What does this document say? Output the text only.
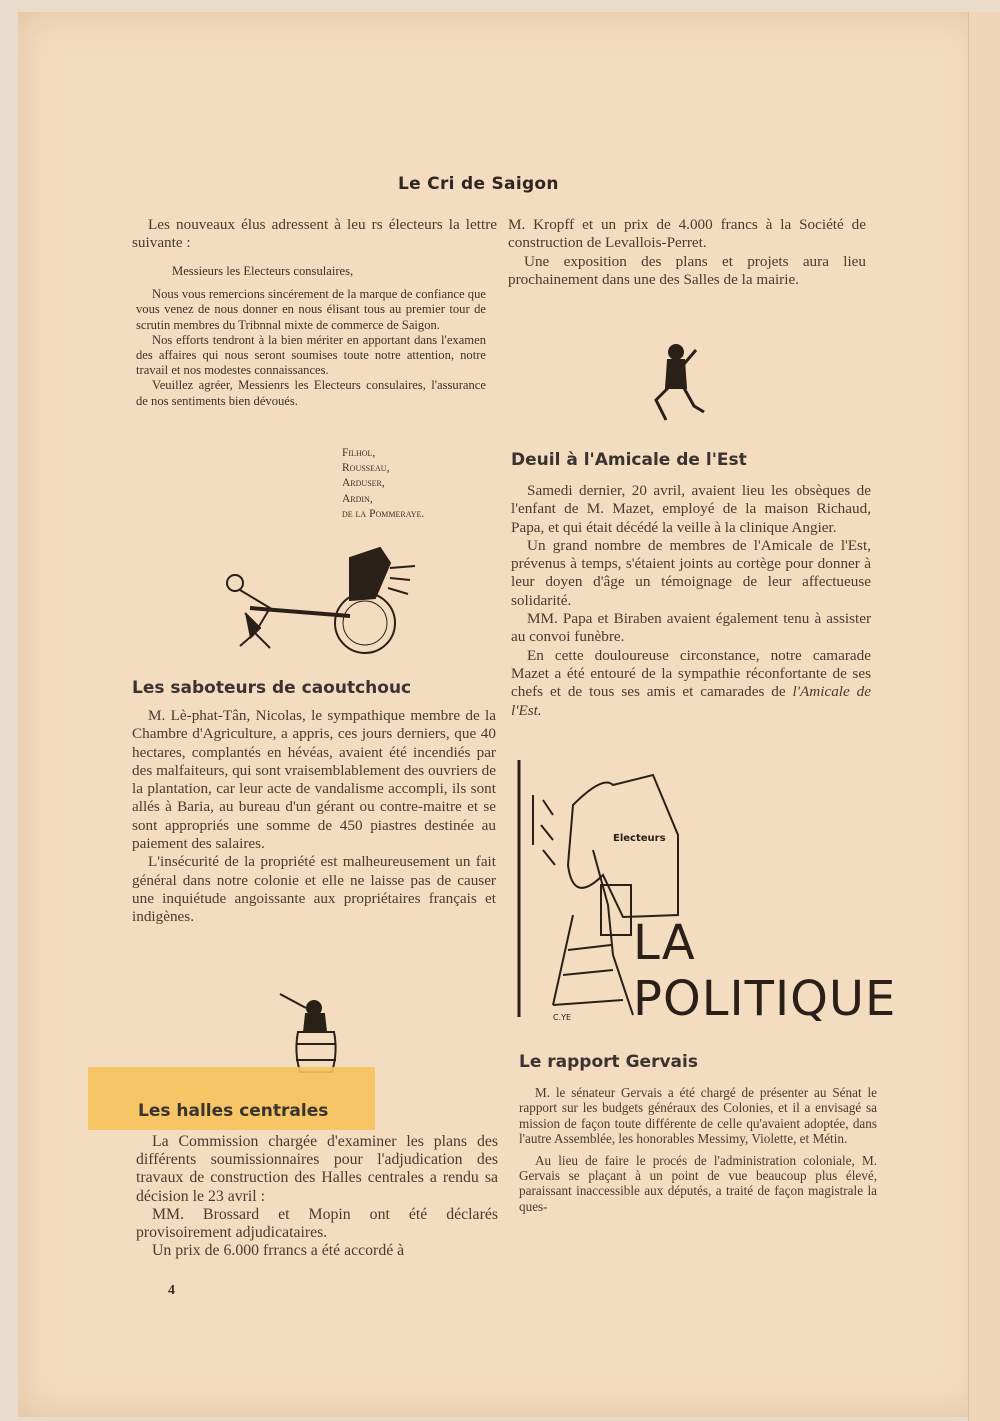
Le Cri de Saigon

Les nouveaux élus adressent à leu rs électeurs la lettre suivante :

Messieurs les Electeurs consulaires,

Nous vous remercions sincérement de la marque de confiance que vous venez de nous donner en nous élisant tous au premier tour de scrutin membres du Tribnnal mixte de commerce de Saigon.

Nos efforts tendront à la bien mériter en apportant dans l'examen des affaires qui nous seront soumises toute notre attention, notre travail et nos modestes connaissances.

Veuillez agréer, Messienrs les Electeurs consulaires, l'assurance de nos sentiments bien dévoués.

Filhol,
Rousseau,
Arduser,
Ardin,
de la Pommeraye.
Les saboteurs de caoutchouc

M. Lè-phat-Tân, Nicolas, le sympathique membre de la Chambre d'Agriculture, a appris, ces jours derniers, que 40 hectares, complantés en hévéas, avaient été incendiés par des malfaiteurs, qui sont vraisemblablement des ouvriers de la plantation, car leur acte de vandalisme accompli, ils sont allés à Baria, au bureau d'un gérant ou contre-maitre et se sont appropriés une somme de 450 piastres destinée au paiement des salaires.

L'insécurité de la propriété est malheureusement un fait général dans notre colonie et elle ne laisse pas de causer une inquiétude angoissante aux propriétaires français et indigènes.

Les halles centrales

La Commission chargée d'examiner les plans des différents soumissionnaires pour l'adjudication des travaux de construction des Halles centrales a rendu sa décision le 23 avril :

MM. Brossard et Mopin ont été déclarés provisoirement adjudicataires.

Un prix de 6.000 frrancs a été accordé à

4

M. Kropff et un prix de 4.000 francs à la Société de construction de Levallois-Perret.

Une exposition des plans et projets aura lieu prochainement dans une des Salles de la mairie.

Deuil à l'Amicale de l'Est

Samedi dernier, 20 avril, avaient lieu les obsèques de l'enfant de M. Mazet, employé de la maison Richaud, Papa, et qui était décédé la veille à la clinique Angier.

Un grand nombre de membres de l'Amicale de l'Est, prévenus à temps, s'étaient joints au cortège pour donner à leur doyen d'âge un témoignage de leur affectueuse solidarité.

MM. Papa et Biraben avaient également tenu à assister au convoi funèbre.

En cette douloureuse circonstance, notre camarade Mazet a été entouré de la sympathie réconfortante de ses chefs et de tous ses amis et camarades de l'Amicale de l'Est.

Electeurs
C.YE
LA POLITIQUE
Le rapport Gervais

M. le sénateur Gervais a été chargé de présenter au Sénat le rapport sur les budgets généraux des Colonies, et il a envisagé sa mission de façon toute différente de celle qu'avaient adoptée, dans l'autre Assemblée, les honorables Messimy, Violette, et Métin.

Au lieu de faire le procés de l'administration coloniale, M. Gervais se plaçant à un point de vue beaucoup plus élevé, paraissant inaccessible aux députés, a traité de façon magistrale la ques-
